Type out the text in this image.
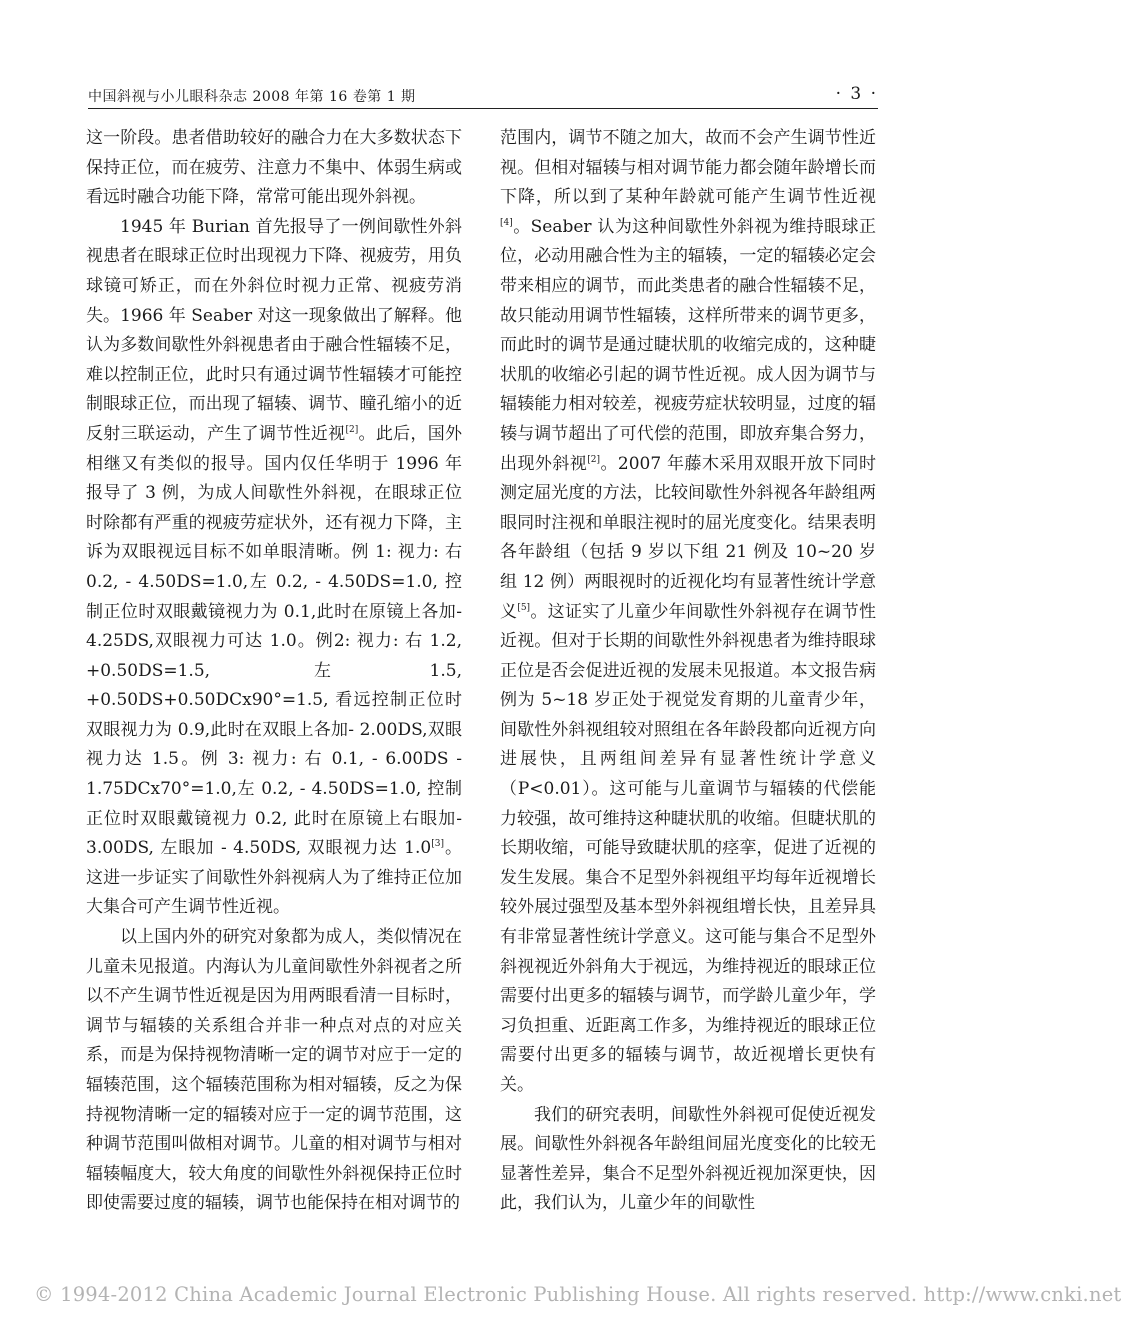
中国斜视与小儿眼科杂志 2008 年第 16 卷第 1 期	· 3 ·

这一阶段。患者借助较好的融合力在大多数状态下保持正位，而在疲劳、注意力不集中、体弱生病或看远时融合功能下降，常常可能出现外斜视。

1945 年 Burian 首先报导了一例间歇性外斜视患者在眼球正位时出现视力下降、视疲劳，用负球镜可矫正，而在外斜位时视力正常、视疲劳消失。1966 年 Seaber 对这一现象做出了解释。他认为多数间歇性外斜视患者由于融合性辐辏不足，难以控制正位，此时只有通过调节性辐辏才可能控制眼球正位，而出现了辐辏、调节、瞳孔缩小的近反射三联运动，产生了调节性近视[2]。此后，国外相继又有类似的报导。国内仅任华明于 1996 年报导了 3 例，为成人间歇性外斜视，在眼球正位时除都有严重的视疲劳症状外，还有视力下降，主诉为双眼视远目标不如单眼清晰。例 1: 视力: 右 0.2, - 4.50DS=1.0,左 0.2, - 4.50DS=1.0, 控制正位时双眼戴镜视力为 0.1,此时在原镜上各加- 4.25DS,双眼视力可达 1.0。例2: 视力: 右 1.2, +0.50DS=1.5, 左1.5, +0.50DS+0.50DCx90°=1.5, 看远控制正位时双眼视力为 0.9,此时在双眼上各加- 2.00DS,双眼视力达 1.5。例 3: 视力: 右 0.1, - 6.00DS - 1.75DCx70°=1.0,左 0.2, - 4.50DS=1.0, 控制正位时双眼戴镜视力 0.2, 此时在原镜上右眼加- 3.00DS, 左眼加 - 4.50DS, 双眼视力达 1.0[3]。这进一步证实了间歇性外斜视病人为了维持正位加大集合可产生调节性近视。

以上国内外的研究对象都为成人，类似情况在儿童未见报道。内海认为儿童间歇性外斜视者之所以不产生调节性近视是因为用两眼看清一目标时，调节与辐辏的关系组合并非一种点对点的对应关系，而是为保持视物清晰一定的调节对应于一定的辐辏范围，这个辐辏范围称为相对辐辏，反之为保持视物清晰一定的辐辏对应于一定的调节范围，这种调节范围叫做相对调节。儿童的相对调节与相对辐辏幅度大，较大角度的间歇性外斜视保持正位时即使需要过度的辐辏，调节也能保持在相对调节的

范围内，调节不随之加大，故而不会产生调节性近视。但相对辐辏与相对调节能力都会随年龄增长而下降，所以到了某种年龄就可能产生调节性近视[4]。Seaber 认为这种间歇性外斜视为维持眼球正位，必动用融合性为主的辐辏，一定的辐辏必定会带来相应的调节，而此类患者的融合性辐辏不足，故只能动用调节性辐辏，这样所带来的调节更多，而此时的调节是通过睫状肌的收缩完成的，这种睫状肌的收缩必引起的调节性近视。成人因为调节与辐辏能力相对较差，视疲劳症状较明显，过度的辐辏与调节超出了可代偿的范围，即放弃集合努力，出现外斜视[2]。2007 年藤木采用双眼开放下同时测定屈光度的方法，比较间歇性外斜视各年龄组两眼同时注视和单眼注视时的屈光度变化。结果表明各年龄组（包括 9 岁以下组 21 例及 10~20 岁组 12 例）两眼视时的近视化均有显著性统计学意义[5]。这证实了儿童少年间歇性外斜视存在调节性近视。但对于长期的间歇性外斜视患者为维持眼球正位是否会促进近视的发展未见报道。本文报告病例为 5~18 岁正处于视觉发育期的儿童青少年，间歇性外斜视组较对照组在各年龄段都向近视方向进展快，且两组间差异有显著性统计学意义（P<0.01）。这可能与儿童调节与辐辏的代偿能力较强，故可维持这种睫状肌的收缩。但睫状肌的长期收缩，可能导致睫状肌的痉挛，促进了近视的发生发展。集合不足型外斜视组平均每年近视增长较外展过强型及基本型外斜视组增长快，且差异具有非常显著性统计学意义。这可能与集合不足型外斜视视近外斜角大于视远，为维持视近的眼球正位需要付出更多的辐辏与调节，而学龄儿童少年，学习负担重、近距离工作多，为维持视近的眼球正位需要付出更多的辐辏与调节，故近视增长更快有关。

我们的研究表明，间歇性外斜视可促使近视发展。间歇性外斜视各年龄组间屈光度变化的比较无显著性差异，集合不足型外斜视近视加深更快，因此，我们认为，儿童少年的间歇性

© 1994-2012 China Academic Journal Electronic Publishing House. All rights reserved. http://www.cnki.net
